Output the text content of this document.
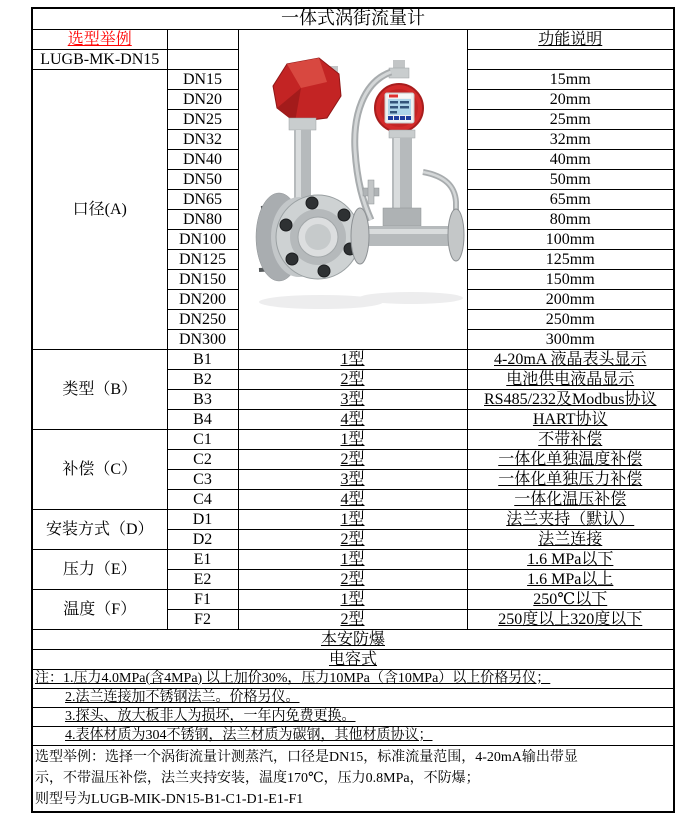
一体式涡街流量计			
选型举例			功能说明
LUGB-MK-DN15			
口径(A)	DN15		15mm
	DN20		20mm
	DN25		25mm
	DN32		32mm
	DN40		40mm
	DN50		50mm
	DN65		65mm
	DN80		80mm
	DN100		100mm
	DN125		125mm
	DN150		150mm
	DN200		200mm
	DN250		250mm
	DN300		300mm
类型（B）	B1	1型	4-20mA 液晶表头显示
	B2	2型	电池供电液晶显示
	B3	3型	RS485/232及Modbus协议
	B4	4型	HART协议
补偿（C）	C1	1型	不带补偿
	C2	2型	一体化单独温度补偿
	C3	3型	一体化单独压力补偿
	C4	4型	一体化温压补偿
安装方式（D）	D1	1型	法兰夹持（默认）
	D2	2型	法兰连接
压力（E）	E1	1型	1.6 MPa以下
	E2	2型	1.6 MPa以上
温度（F）	F1	1型	250℃以下
	F2	2型	250度以上320度以下
本安防爆			
电容式			
注：1.压力4.0MPa(含4MPa) 以上加价30%，压力10MPa（含10MPa）以上价格另仪；			
2.法兰连接加不锈钢法兰。价格另仪。			
3.探头、放大板非人为损坏，一年内免费更换。			
4.表体材质为304不锈钢，法兰材质为碳钢，其他材质协议；			

选型举例：选择一个涡街流量计测蒸汽，口径是DN15，标准流量范围，4-20mA输出带显
示，不带温压补偿，法兰夹持安装，温度170℃，压力0.8MPa，不防爆；
则型号为LUGB-MIK-DN15-B1-C1-D1-E1-F1			
